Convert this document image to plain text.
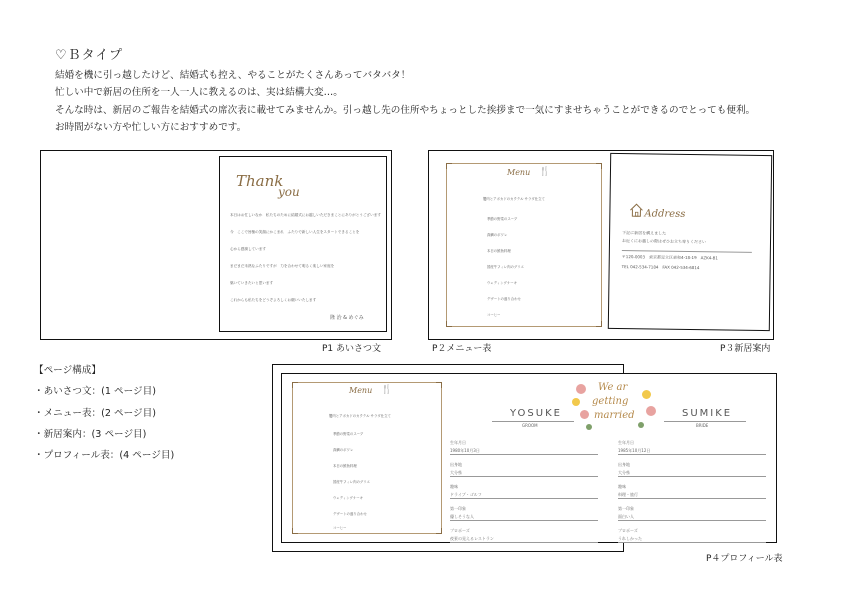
♡Ｂタイプ
結婚を機に引っ越したけど、結婚式も控え、やることがたくさんあってバタバタ！
忙しい中で新居の住所を一人一人に教えるのは、実は結構大変…。
そんな時は、新居のご報告を結婚式の席次表に載せてみませんか。引っ越し先の住所やちょっとした挨拶まで一気にすませちゃうことができるのでとっても便利。
お時間がない方や忙しい方におすすめです。
Thank
you
本日はお忙しいなか　私たちのために結婚式にお越しいただきまことにありがとうございます
今　ここで皆様の笑顔にかこまれ　ふたりで新しい人生をスタートできることを
心から感謝しています
まだまだ未熟なふたりですが　力を合わせて明るく楽しい家庭を
築いていきたいと思います
これからも私たちをどうぞよろしくお願いいたします
隆 治 & めぐみ
P1 あいさつ文
Menu 🍴
蟹肉とアボカドのカクテル サラダ仕立て
季節の野菜のスープ
真鯛のポワレ
本日の鮮魚料理
国産牛フィレ肉のグリエ
ウェディングケーキ
デザートの盛り合わせ
コーヒー
Address
下記に新居を構えました
お近くにお越しの際はぜひお立ち寄りください
〒120-0003　東京都足立区東和4-18-19　AZK4-B1
TEL 042-534-7184　FAX 042-534-6814
P２メニュー表	P３新居案内
【ページ構成】
・あいさつ文：(1 ページ目)
・メニュー表：(2 ページ目)
・新居案内：(3 ページ目)
・プロフィール表：(4 ページ目)
Menu 🍴
蟹肉とアボカドのカクテル サラダ仕立て
季節の野菜のスープ
真鯛のポワレ
本日の鮮魚料理
国産牛フィレ肉のグリエ
ウェディングケーキ
デザートの盛り合わせ
コーヒー
YOSUKE
GROOM
We ar
getting
married	SUMIKE
BRIDE
生年月日
1980年10月3日
出身地
大分県
趣味
ドライブ・ゴルフ
第一印象
優しそうな人
プロポーズ
夜景の見えるレストラン
生年月日
1985年10月12日
出身地
大分県
趣味
料理・旅行
第一印象
面白い人
プロポーズ
うれしかった
P４プロフィール表
